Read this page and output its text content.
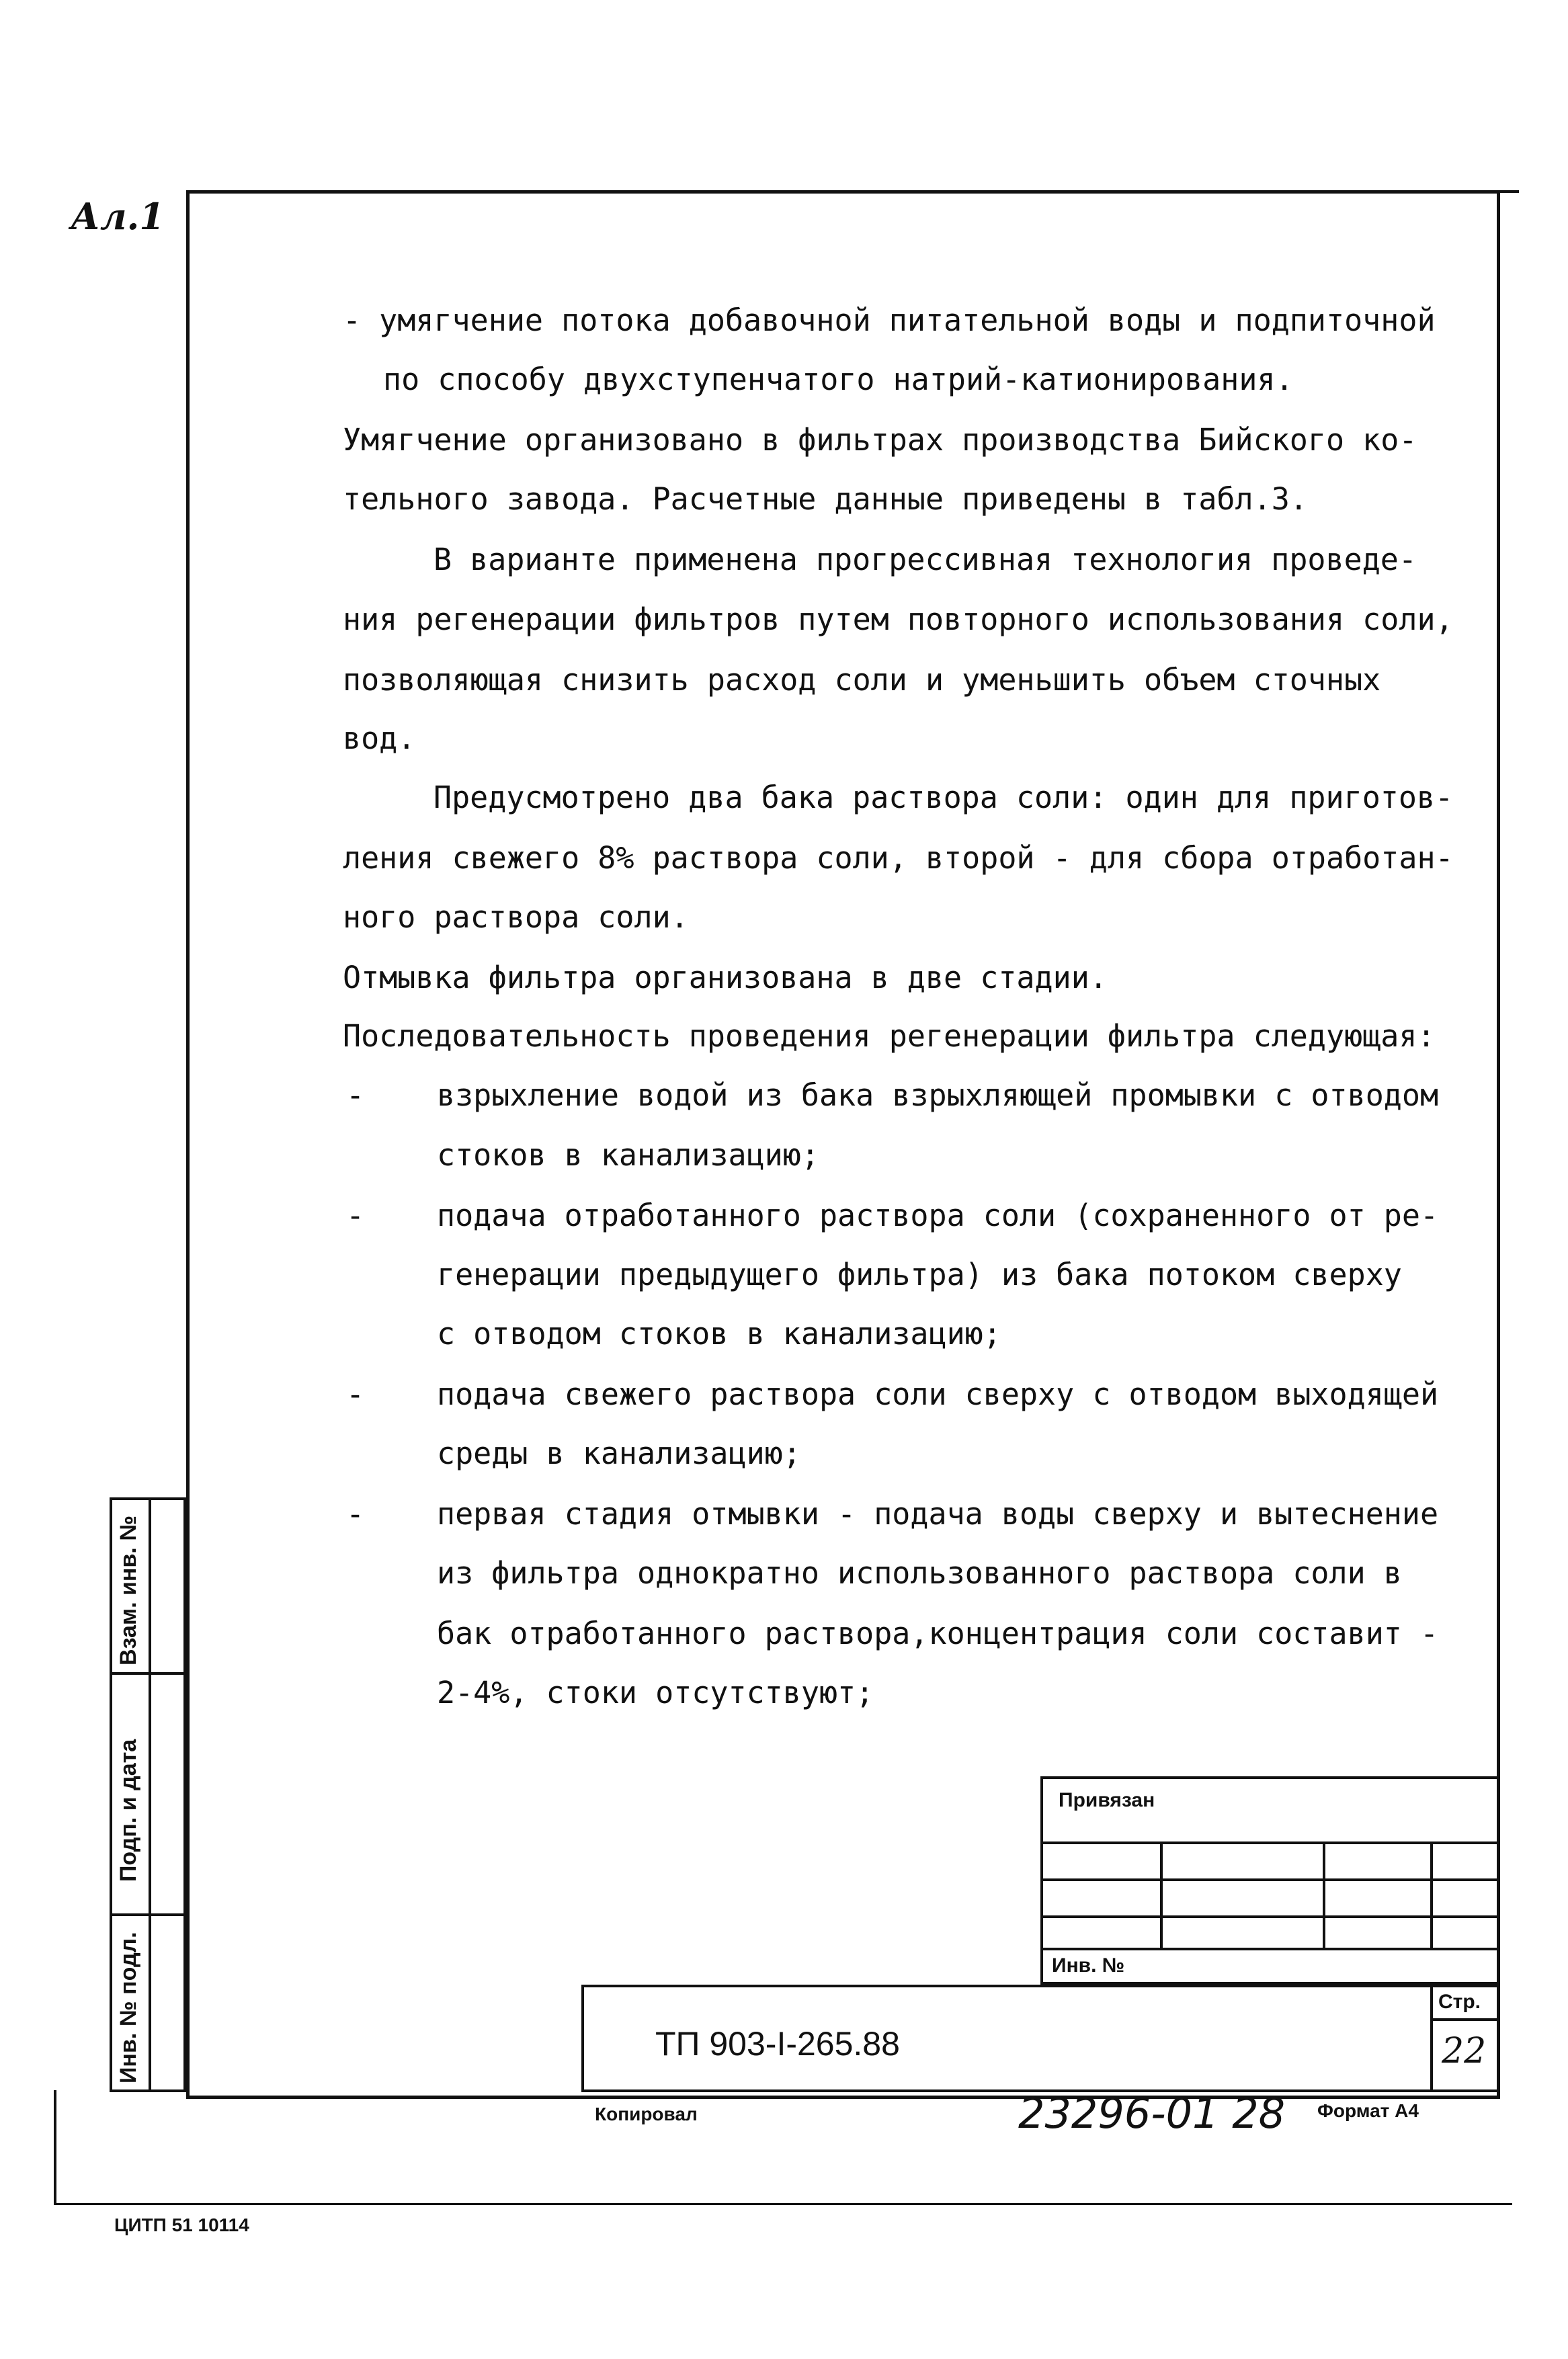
Ал.1
- умягчение потока добавочной питательной воды и подпиточной
по способу двухступенчатого натрий-катионирования.
Умягчение организовано в фильтрах производства Бийского ко-
тельного завода. Расчетные данные приведены в табл.3.
В варианте применена прогрессивная технология проведе-
ния регенерации фильтров путем повторного использования соли,
позволяющая снизить расход соли и уменьшить объем сточных
вод.
Предусмотрено два бака раствора соли: один для приготов-
ления свежего 8% раствора соли, второй - для сбора отработан-
ного раствора соли.
Отмывка фильтра организована в две стадии.
Последовательность проведения регенерации фильтра следующая:
- взрыхление водой из бака взрыхляющей промывки с отводом
стоков в канализацию;
- подача отработанного раствора соли (сохраненного от ре-
генерации предыдущего фильтра) из бака потоком сверху
с отводом стоков в канализацию;
- подача свежего раствора соли сверху с отводом выходящей
среды в канализацию;
- первая стадия отмывки - подача воды сверху и вытеснение
из фильтра однократно использованного раствора соли в
бак отработанного раствора,концентрация соли составит -
2-4%, стоки отсутствуют;
Взам. инв. №
Подп. и дата
Инв. № подл.
Привязан
Инв. №
ТП 903-I-265.88
Стр.
22
Копировал	23296-01 28 Формат А4
ЦИТП 51 10114
